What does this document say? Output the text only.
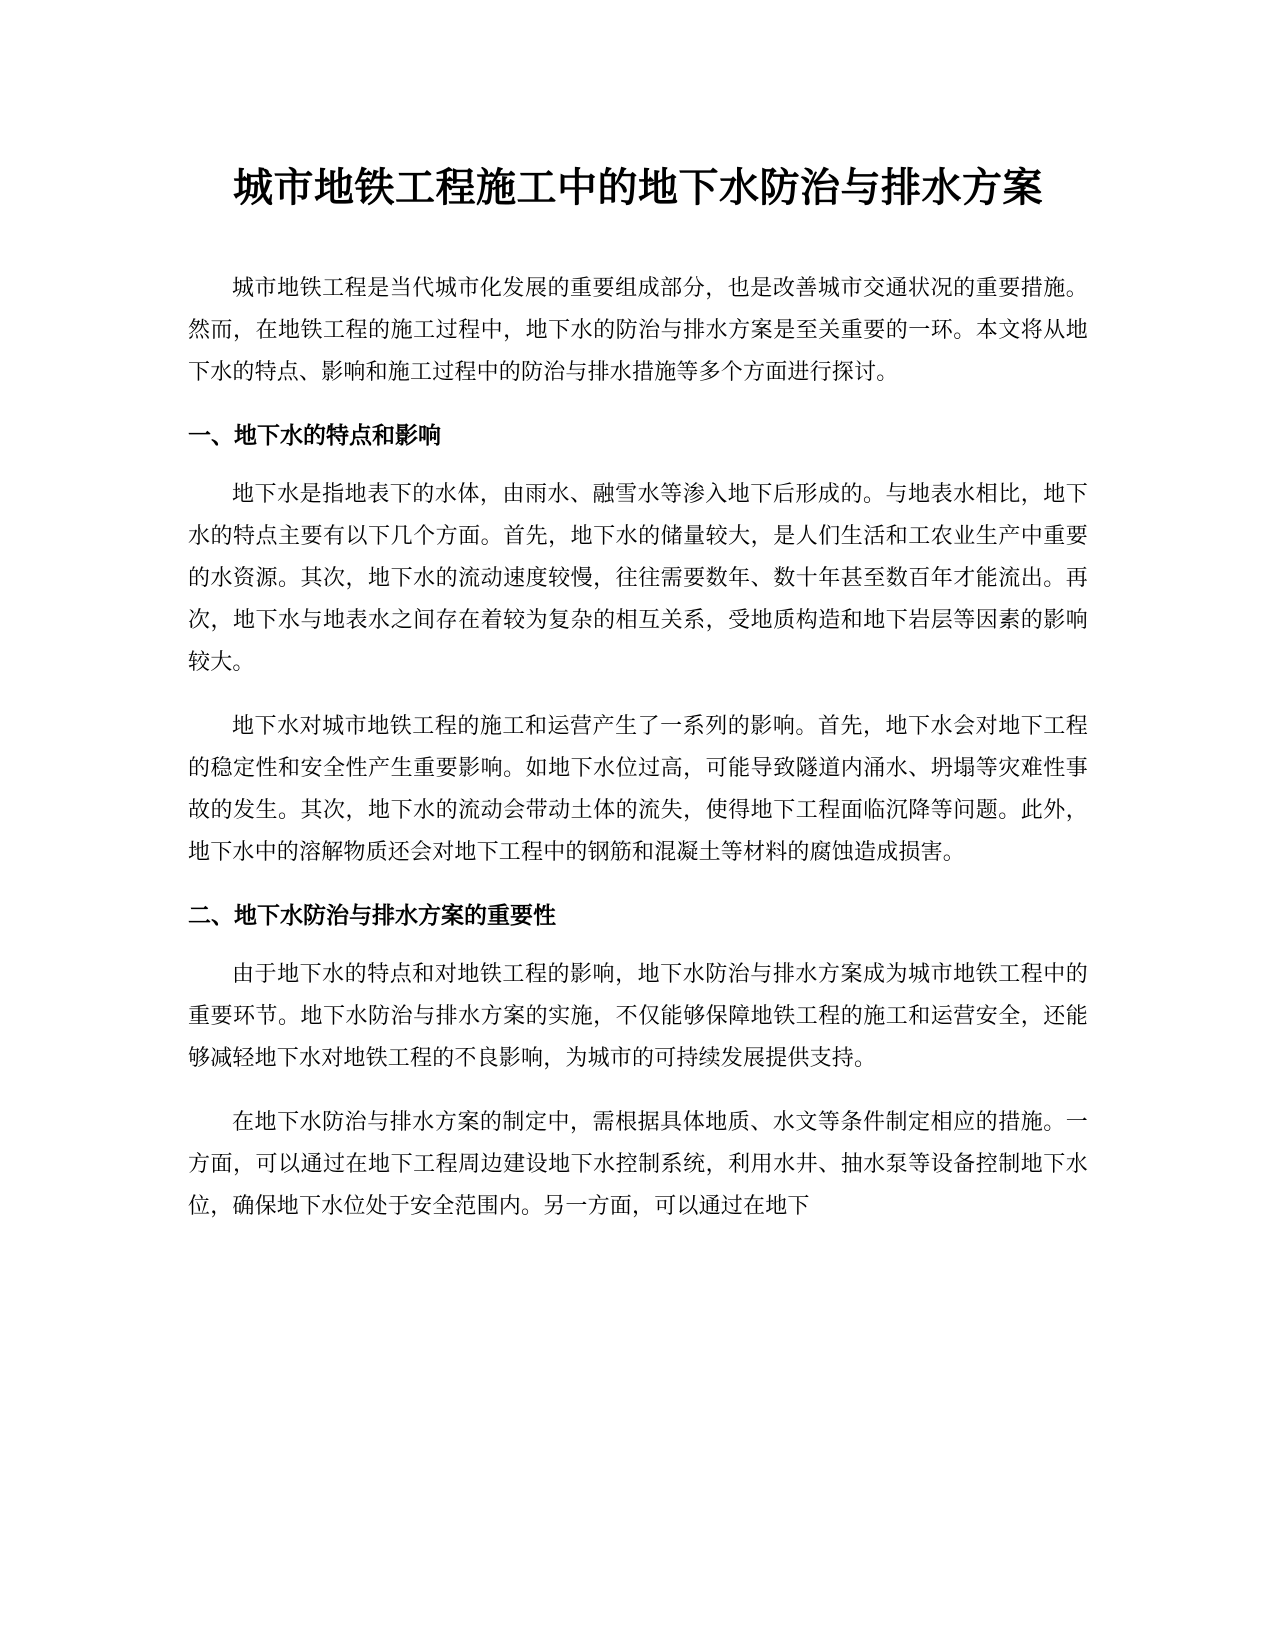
城市地铁工程施工中的地下水防治与排水方案

城市地铁工程是当代城市化发展的重要组成部分，也是改善城市交通状况的重要措施。然而，在地铁工程的施工过程中，地下水的防治与排水方案是至关重要的一环。本文将从地下水的特点、影响和施工过程中的防治与排水措施等多个方面进行探讨。

一、地下水的特点和影响

地下水是指地表下的水体，由雨水、融雪水等渗入地下后形成的。与地表水相比，地下水的特点主要有以下几个方面。首先，地下水的储量较大，是人们生活和工农业生产中重要的水资源。其次，地下水的流动速度较慢，往往需要数年、数十年甚至数百年才能流出。再次，地下水与地表水之间存在着较为复杂的相互关系，受地质构造和地下岩层等因素的影响较大。

地下水对城市地铁工程的施工和运营产生了一系列的影响。首先，地下水会对地下工程的稳定性和安全性产生重要影响。如地下水位过高，可能导致隧道内涌水、坍塌等灾难性事故的发生。其次，地下水的流动会带动土体的流失，使得地下工程面临沉降等问题。此外，地下水中的溶解物质还会对地下工程中的钢筋和混凝土等材料的腐蚀造成损害。

二、地下水防治与排水方案的重要性

由于地下水的特点和对地铁工程的影响，地下水防治与排水方案成为城市地铁工程中的重要环节。地下水防治与排水方案的实施，不仅能够保障地铁工程的施工和运营安全，还能够减轻地下水对地铁工程的不良影响，为城市的可持续发展提供支持。

在地下水防治与排水方案的制定中，需根据具体地质、水文等条件制定相应的措施。一方面，可以通过在地下工程周边建设地下水控制系统，利用水井、抽水泵等设备控制地下水位，确保地下水位处于安全范围内。另一方面，可以通过在地下
